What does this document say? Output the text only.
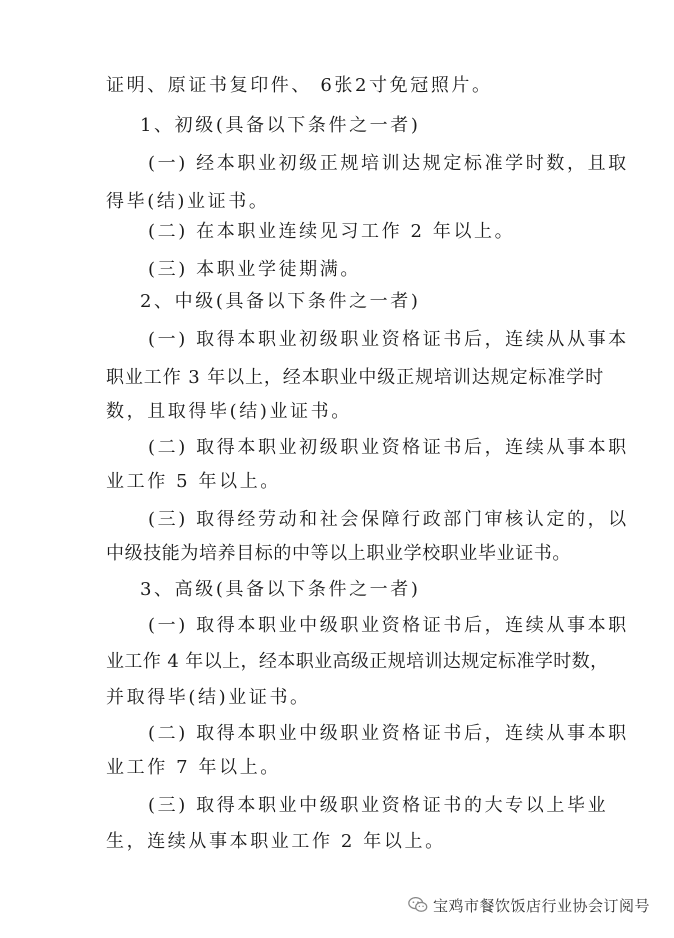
证明、原证书复印件、 6张2寸免冠照片。
1、初级(具备以下条件之一者)
(一) 经本职业初级正规培训达规定标准学时数，且取
得毕(结)业证书。
(二) 在本职业连续见习工作 2 年以上。
(三) 本职业学徒期满。
2、中级(具备以下条件之一者)
(一) 取得本职业初级职业资格证书后，连续从从事本
职业工作 3 年以上，经本职业中级正规培训达规定标准学时
数，且取得毕(结)业证书。
(二) 取得本职业初级职业资格证书后，连续从事本职
业工作 5 年以上。
(三) 取得经劳动和社会保障行政部门审核认定的，以
中级技能为培养目标的中等以上职业学校职业毕业证书。
3、高级(具备以下条件之一者)
(一) 取得本职业中级职业资格证书后，连续从事本职
业工作 4 年以上，经本职业高级正规培训达规定标准学时数，
并取得毕(结)业证书。
(二) 取得本职业中级职业资格证书后，连续从事本职
业工作 7 年以上。
(三) 取得本职业中级职业资格证书的大专以上毕业
生，连续从事本职业工作 2 年以上。
宝鸡市餐饮饭店行业协会订阅号
